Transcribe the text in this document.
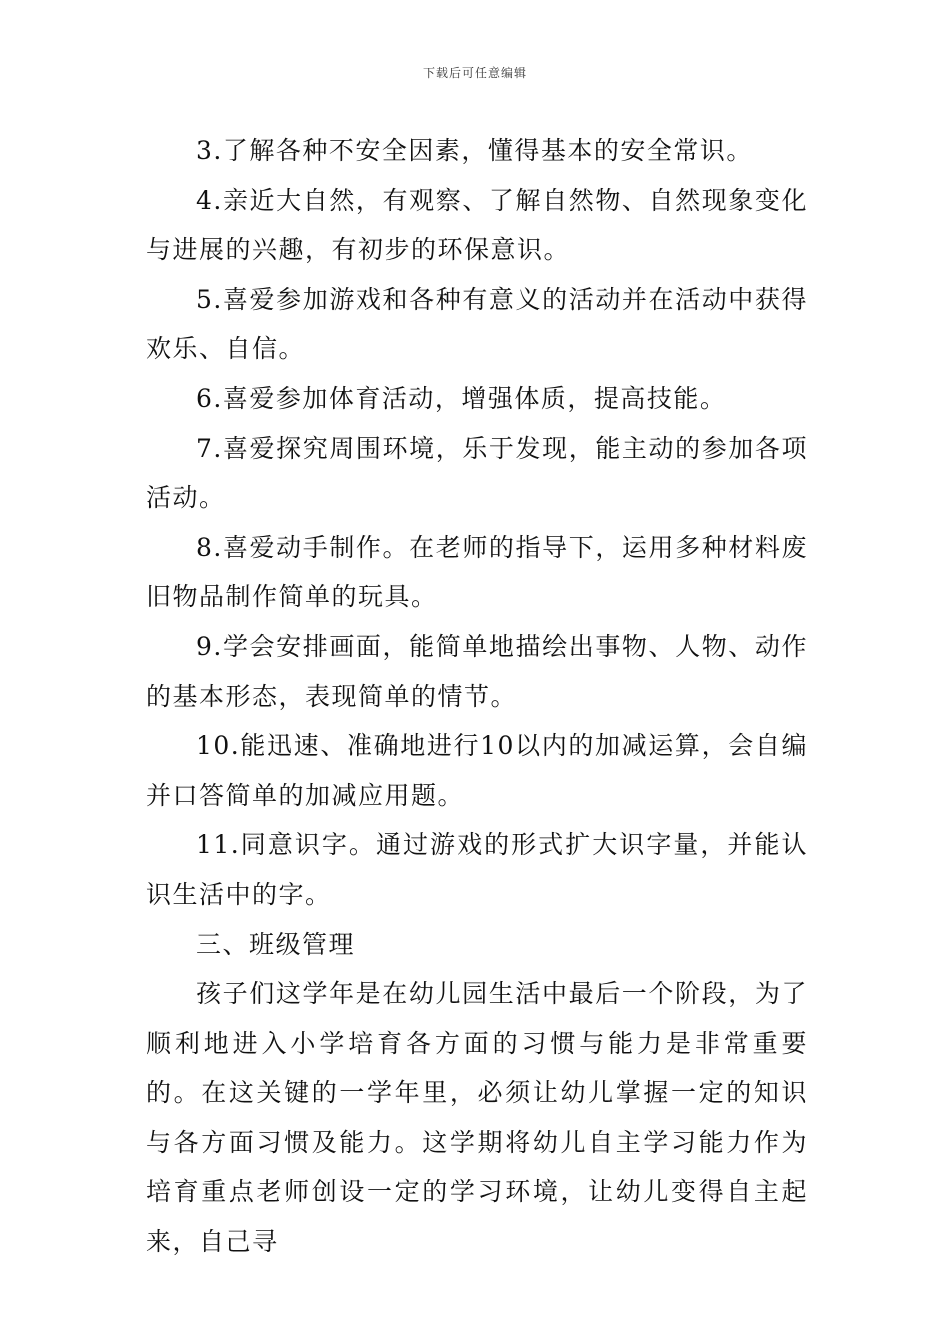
下载后可任意编辑

3.了解各种不安全因素，懂得基本的安全常识。

4.亲近大自然，有观察、了解自然物、自然现象变化与进展的兴趣，有初步的环保意识。

5.喜爱参加游戏和各种有意义的活动并在活动中获得欢乐、自信。

6.喜爱参加体育活动，增强体质，提高技能。

7.喜爱探究周围环境，乐于发现，能主动的参加各项活动。

8.喜爱动手制作。在老师的指导下，运用多种材料废旧物品制作简单的玩具。

9.学会安排画面，能简单地描绘出事物、人物、动作的基本形态，表现简单的情节。

10.能迅速、准确地进行10以内的加减运算，会自编并口答简单的加减应用题。

11.同意识字。通过游戏的形式扩大识字量，并能认识生活中的字。

三、班级管理

孩子们这学年是在幼儿园生活中最后一个阶段，为了顺利地进入小学培育各方面的习惯与能力是非常重要的。在这关键的一学年里，必须让幼儿掌握一定的知识与各方面习惯及能力。这学期将幼儿自主学习能力作为培育重点老师创设一定的学习环境，让幼儿变得自主起来，自己寻
